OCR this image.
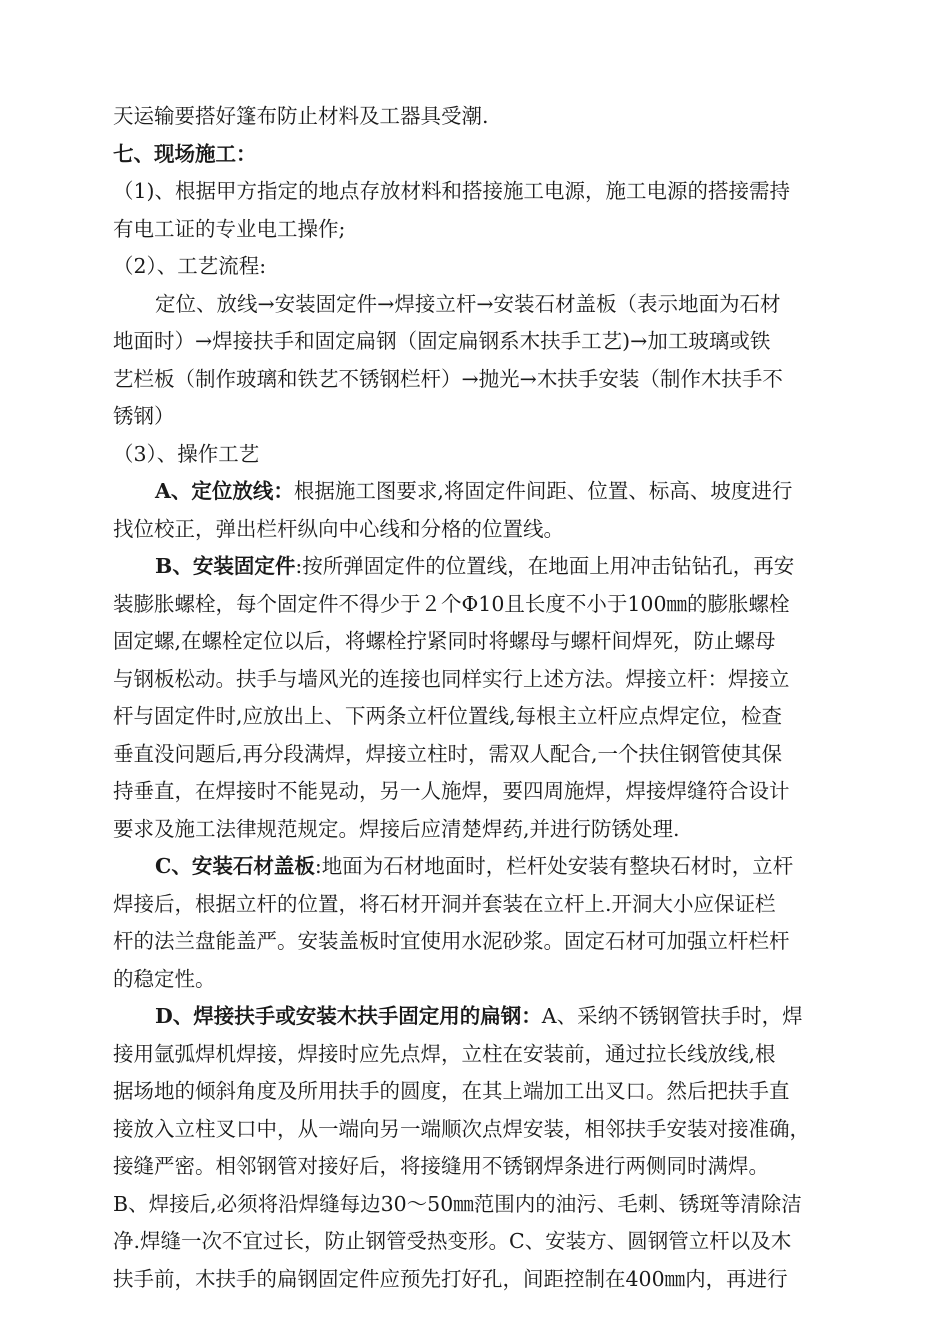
天运输要搭好篷布防止材料及工器具受潮.
七、现场施工：
（1)、根据甲方指定的地点存放材料和搭接施工电源，施工电源的搭接需持
有电工证的专业电工操作;
（2）、工艺流程:
定位、放线→安装固定件→焊接立杆→安装石材盖板（表示地面为石材
地面时）→焊接扶手和固定扁钢（固定扁钢系木扶手工艺)→加工玻璃或铁
艺栏板（制作玻璃和铁艺不锈钢栏杆）→抛光→木扶手安装（制作木扶手不
锈钢）
（3）、操作工艺
A、定位放线：根据施工图要求,将固定件间距、位置、标高、坡度进行
找位校正，弹出栏杆纵向中心线和分格的位置线。
B、安装固定件:按所弹固定件的位置线，在地面上用冲击钻钻孔，再安
装膨胀螺栓，每个固定件不得少于２个Φ10且长度不小于100㎜的膨胀螺栓
固定螺,在螺栓定位以后，将螺栓拧紧同时将螺母与螺杆间焊死，防止螺母
与钢板松动。扶手与墙风光的连接也同样实行上述方法。焊接立杆：焊接立
杆与固定件时,应放出上、下两条立杆位置线,每根主立杆应点焊定位，检查
垂直没问题后,再分段满焊，焊接立柱时，需双人配合,一个扶住钢管使其保
持垂直，在焊接时不能晃动，另一人施焊，要四周施焊，焊接焊缝符合设计
要求及施工法律规范规定。焊接后应清楚焊药,并进行防锈处理.
C、安装石材盖板:地面为石材地面时，栏杆处安装有整块石材时，立杆
焊接后，根据立杆的位置，将石材开洞并套装在立杆上.开洞大小应保证栏
杆的法兰盘能盖严。安装盖板时宜使用水泥砂浆。固定石材可加强立杆栏杆
的稳定性。
D、焊接扶手或安装木扶手固定用的扁钢：A、采纳不锈钢管扶手时，焊
接用氩弧焊机焊接，焊接时应先点焊，立柱在安装前，通过拉长线放线,根
据场地的倾斜角度及所用扶手的圆度，在其上端加工出叉口。然后把扶手直
接放入立柱叉口中，从一端向另一端顺次点焊安装，相邻扶手安装对接准确，
接缝严密。相邻钢管对接好后，将接缝用不锈钢焊条进行两侧同时满焊。
B、焊接后,必须将沿焊缝每边30～50㎜范围内的油污、毛刺、锈斑等清除洁
净.焊缝一次不宜过长，防止钢管受热变形。C、安装方、圆钢管立杆以及木
扶手前，木扶手的扁钢固定件应预先打好孔，间距控制在400㎜内，再进行
